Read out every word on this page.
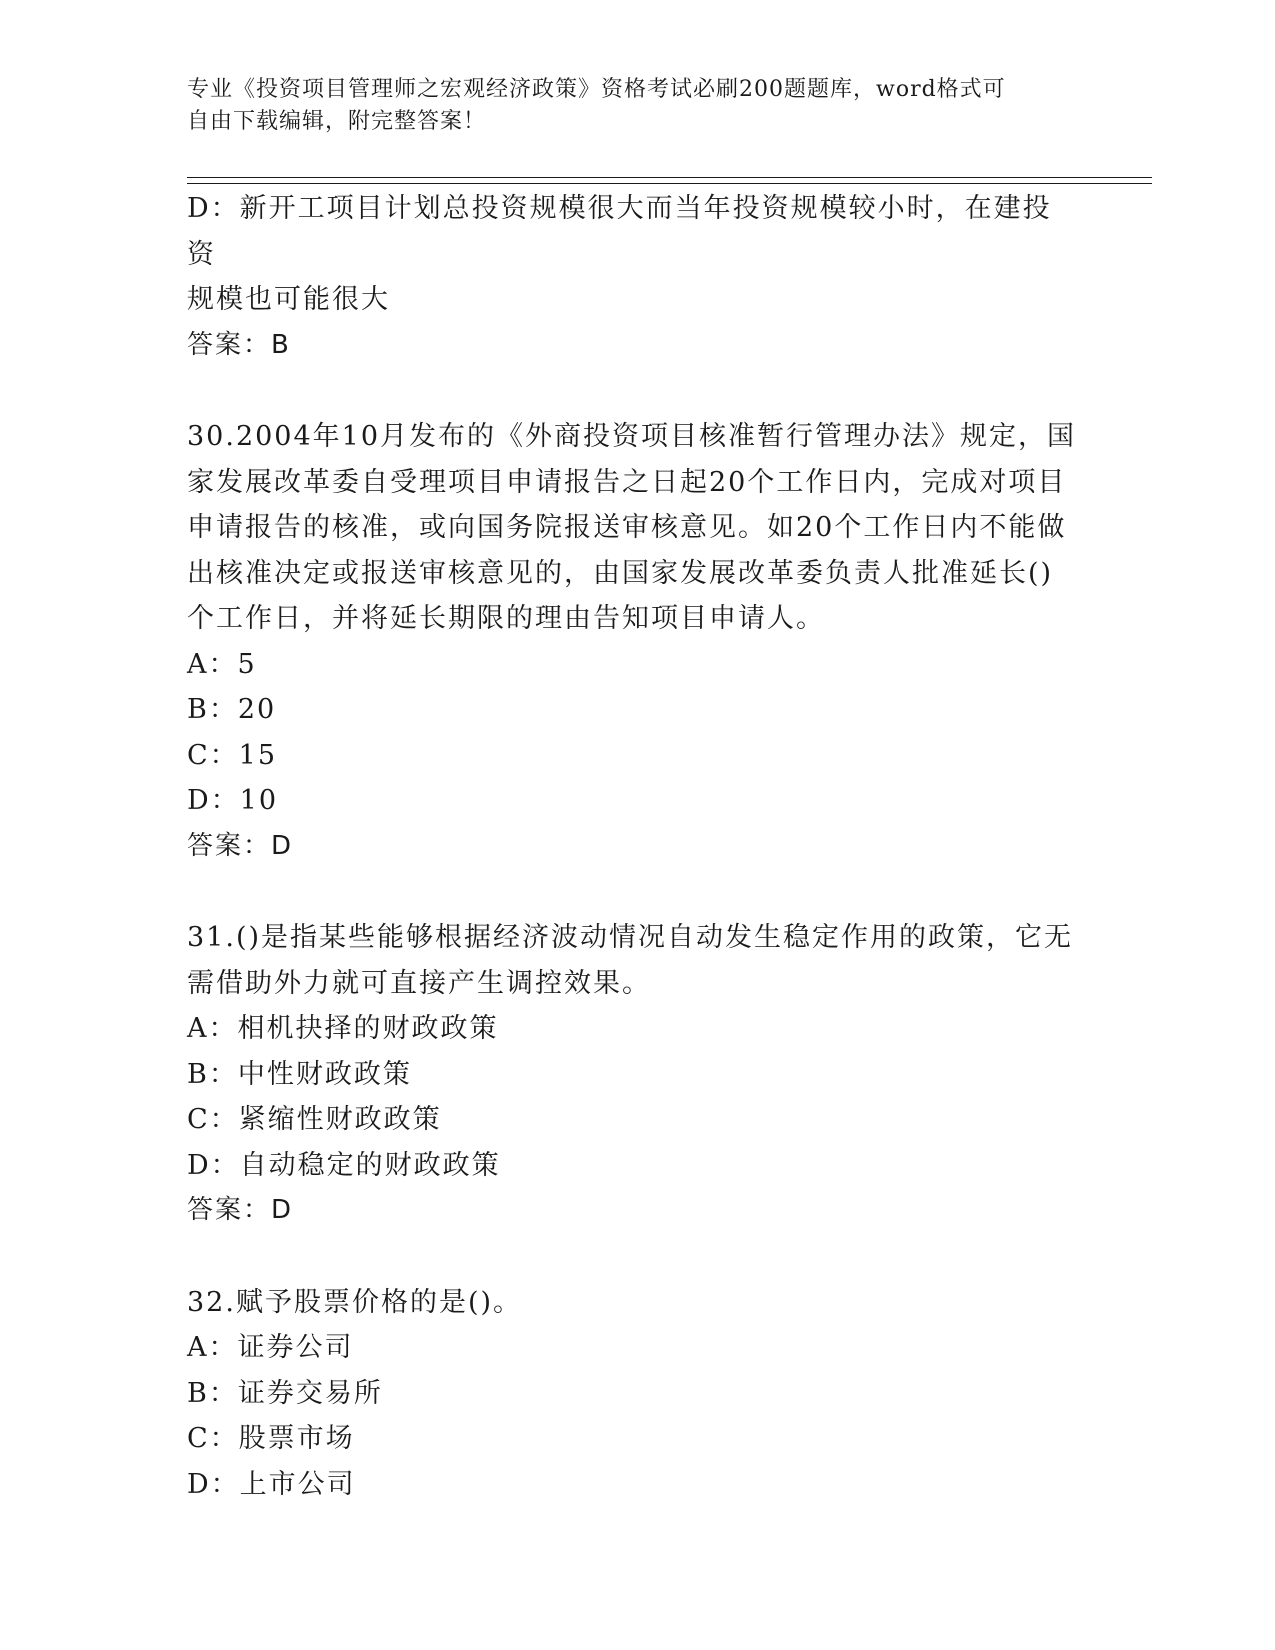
专业《投资项目管理师之宏观经济政策》资格考试必刷200题题库，word格式可
自由下载编辑，附完整答案！
D：新开工项目计划总投资规模很大而当年投资规模较小时，在建投资
规模也可能很大
答案：B
30.2004年10月发布的《外商投资项目核准暂行管理办法》规定，国
家发展改革委自受理项目申请报告之日起20个工作日内，完成对项目
申请报告的核准，或向国务院报送审核意见。如20个工作日内不能做
出核准决定或报送审核意见的，由国家发展改革委负责人批准延长()
个工作日，并将延长期限的理由告知项目申请人。
A：5
B：20
C：15
D：10
答案：D
31.()是指某些能够根据经济波动情况自动发生稳定作用的政策，它无
需借助外力就可直接产生调控效果。
A：相机抉择的财政政策
B：中性财政政策
C：紧缩性财政政策
D：自动稳定的财政政策
答案：D
32.赋予股票价格的是()。
A：证券公司
B：证券交易所
C：股票市场
D：上市公司
